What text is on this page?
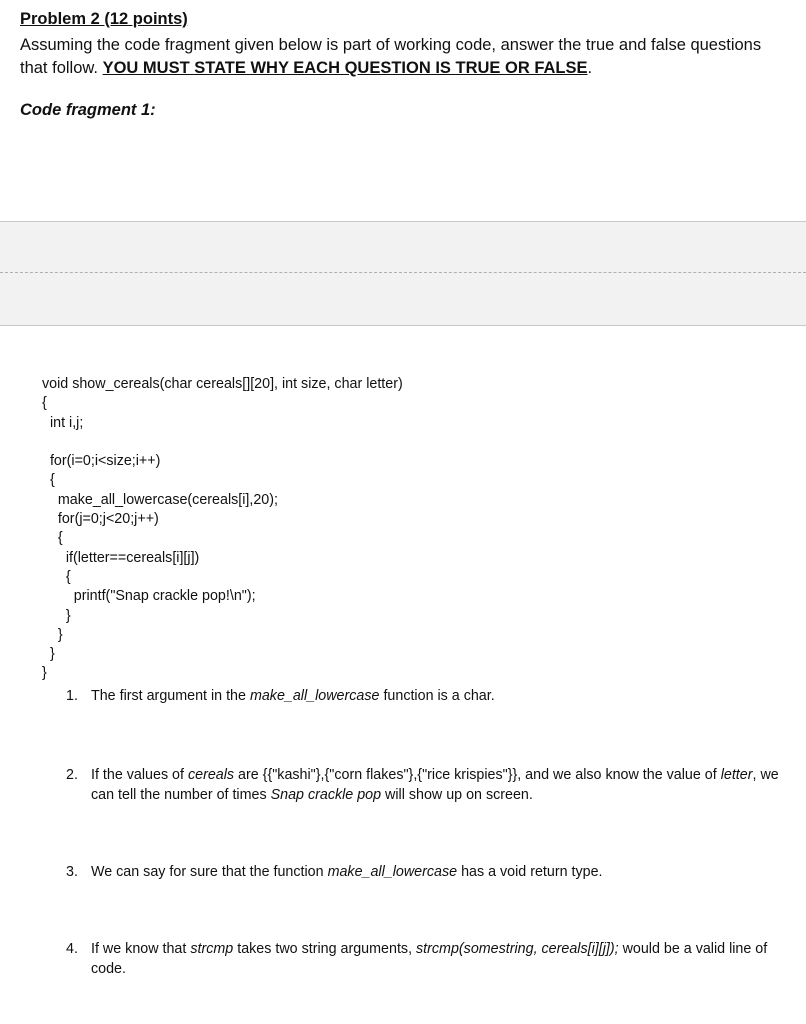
Problem 2 (12 points)
Assuming the code fragment given below is part of working code, answer the true and false questions that follow. YOU MUST STATE WHY EACH QUESTION IS TRUE OR FALSE.
Code fragment 1:
void show_cereals(char cereals[][20], int size, char letter)
{
int i,j;
for(i=0;i<size;i++)
{
make_all_lowercase(cereals[i],20);
for(j=0;j<20;j++)
{
if(letter==cereals[i][j])
{
printf("Snap crackle pop!\n");
}
}
}
}
1. The first argument in the make_all_lowercase function is a char.
2. If the values of cereals are {{"kashi"},{"corn flakes"},{"rice krispies"}}, and we also know the value of letter, we can tell the number of times Snap crackle pop will show up on screen.
3. We can say for sure that the function make_all_lowercase has a void return type.
4. If we know that strcmp takes two string arguments, strcmp(somestring, cereals[i][j]); would be a valid line of code.
